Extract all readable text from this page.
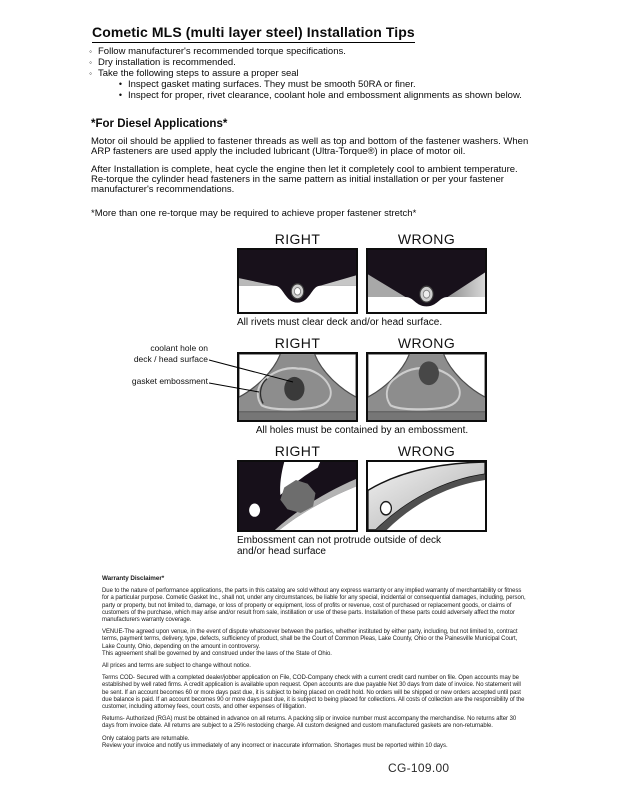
Cometic MLS (multi layer steel) Installation Tips
◦ Follow manufacturer's recommended torque specifications.
◦ Dry installation is recommended.
◦ Take the following steps to assure a proper seal
• Inspect gasket mating surfaces. They must be smooth 50RA or finer.
• Inspect for proper, rivet clearance, coolant hole and embossment alignments as shown below.
*For Diesel Applications*
Motor oil should be applied to fastener threads as well as top and bottom of the fastener washers. When ARP fasteners are used apply the included lubricant (Ultra-Torque®) in place of motor oil.
After Installation is complete, heat cycle the engine then let it completely cool to ambient temperature. Re-torque the cylinder head fasteners in the same pattern as initial installation or per your fastener manufacturer's recommendations.
*More than one re-torque may be required to achieve proper fastener stretch*
RIGHT	WRONG
All rivets must clear deck and/or head surface.
RIGHT	WRONG
All holes must be contained by an embossment.
RIGHT	WRONG
Embossment can not protrude outside of deck
and/or head surface
coolant hole on
deck / head surface
gasket embossment
Warranty Disclaimer*

Due to the nature of performance applications, the parts in this catalog are sold without any express warranty or any implied warranty of merchantability or fitness for a particular purpose. Cometic Gasket Inc., shall not, under any circumstances, be liable for any special, incidental or consequential damages, including, person, party or property, but not limited to, damage, or loss of property or equipment, loss of profits or revenue, cost of purchased or replacement goods, or claims of customers of the purchase, which may arise and/or result from sale, instillation or use of these parts. Installation of these parts could adversely affect the motor manufacturers warranty coverage.

VENUE-The agreed upon venue, in the event of dispute whatsoever between the parties, whether instituted by either party, including, but not limited to, contract terms, payment terms, delivery, type, defects, sufficiency of product, shall be the Court of Common Pleas, Lake County, Ohio or the Painesville Municipal Court, Lake County, Ohio, depending on the amount in controversy.
This agreement shall be governed by and construed under the laws of the State of Ohio.

All prices and terms are subject to change without notice.

Terms COD- Secured with a completed dealer/jobber application on File, COD-Company check with a current credit card number on file. Open accounts may be established by well rated firms. A credit application is available upon request. Open accounts are due payable Net 30 days from date of invoice. No statement will be sent. If an account becomes 60 or more days past due, it is subject to being placed on credit hold. No orders will be shipped or new orders accepted until past due balance is paid. If an account becomes 90 or more days past due, it is subject to being placed for collections. All costs of collection are the responsibility of the customer, including attorney fees, court costs, and other expenses of litigation.

Returns- Authorized (RGA) must be obtained in advance on all returns. A packing slip or invoice number must accompany the merchandise. No returns after 30 days from invoice date. All returns are subject to a 25% restocking charge. All custom designed and custom manufactured gaskets are non-returnable.

Only catalog parts are returnable.
Review your invoice and notify us immediately of any incorrect or inaccurate information. Shortages must be reported within 10 days.

CG-109.00
